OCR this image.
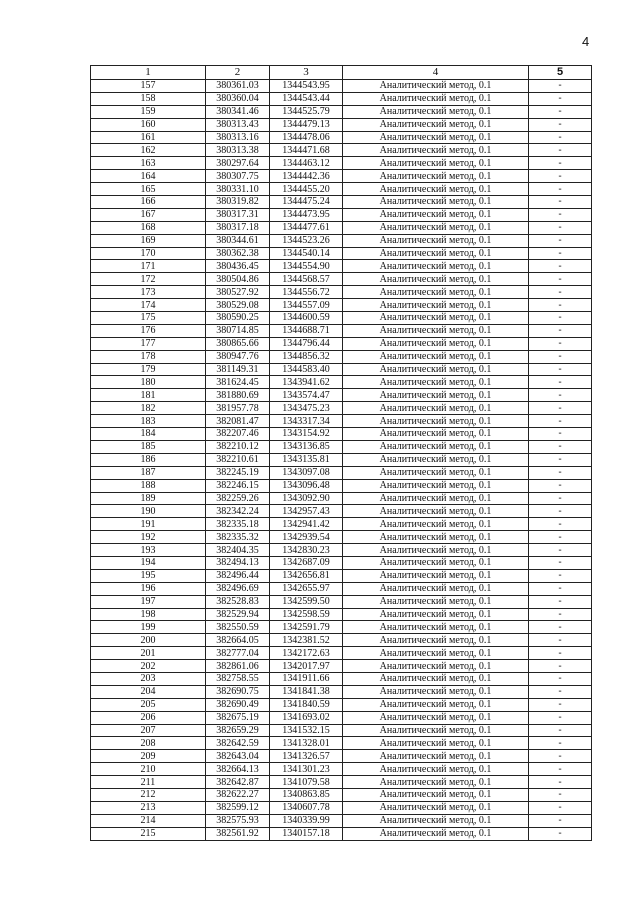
4
1	2	3	4	5
157	380361.03	1344543.95	Аналитический метод, 0.1	-
158	380360.04	1344543.44	Аналитический метод, 0.1	-
159	380341.46	1344525.79	Аналитический метод, 0.1	-
160	380313.43	1344479.13	Аналитический метод, 0.1	-
161	380313.16	1344478.06	Аналитический метод, 0.1	-
162	380313.38	1344471.68	Аналитический метод, 0.1	-
163	380297.64	1344463.12	Аналитический метод, 0.1	-
164	380307.75	1344442.36	Аналитический метод, 0.1	-
165	380331.10	1344455.20	Аналитический метод, 0.1	-
166	380319.82	1344475.24	Аналитический метод, 0.1	-
167	380317.31	1344473.95	Аналитический метод, 0.1	-
168	380317.18	1344477.61	Аналитический метод, 0.1	-
169	380344.61	1344523.26	Аналитический метод, 0.1	-
170	380362.38	1344540.14	Аналитический метод, 0.1	-
171	380436.45	1344554.90	Аналитический метод, 0.1	-
172	380504.86	1344568.57	Аналитический метод, 0.1	-
173	380527.92	1344556.72	Аналитический метод, 0.1	-
174	380529.08	1344557.09	Аналитический метод, 0.1	-
175	380590.25	1344600.59	Аналитический метод, 0.1	-
176	380714.85	1344688.71	Аналитический метод, 0.1	-
177	380865.66	1344796.44	Аналитический метод, 0.1	-
178	380947.76	1344856.32	Аналитический метод, 0.1	-
179	381149.31	1344583.40	Аналитический метод, 0.1	-
180	381624.45	1343941.62	Аналитический метод, 0.1	-
181	381880.69	1343574.47	Аналитический метод, 0.1	-
182	381957.78	1343475.23	Аналитический метод, 0.1	-
183	382081.47	1343317.34	Аналитический метод, 0.1	-
184	382207.46	1343154.92	Аналитический метод, 0.1	-
185	382210.12	1343136.85	Аналитический метод, 0.1	-
186	382210.61	1343135.81	Аналитический метод, 0.1	-
187	382245.19	1343097.08	Аналитический метод, 0.1	-
188	382246.15	1343096.48	Аналитический метод, 0.1	-
189	382259.26	1343092.90	Аналитический метод, 0.1	-
190	382342.24	1342957.43	Аналитический метод, 0.1	-
191	382335.18	1342941.42	Аналитический метод, 0.1	-
192	382335.32	1342939.54	Аналитический метод, 0.1	-
193	382404.35	1342830.23	Аналитический метод, 0.1	-
194	382494.13	1342687.09	Аналитический метод, 0.1	-
195	382496.44	1342656.81	Аналитический метод, 0.1	-
196	382496.69	1342655.97	Аналитический метод, 0.1	-
197	382528.83	1342599.50	Аналитический метод, 0.1	-
198	382529.94	1342598.59	Аналитический метод, 0.1	-
199	382550.59	1342591.79	Аналитический метод, 0.1	-
200	382664.05	1342381.52	Аналитический метод, 0.1	-
201	382777.04	1342172.63	Аналитический метод, 0.1	-
202	382861.06	1342017.97	Аналитический метод, 0.1	-
203	382758.55	1341911.66	Аналитический метод, 0.1	-
204	382690.75	1341841.38	Аналитический метод, 0.1	-
205	382690.49	1341840.59	Аналитический метод, 0.1	-
206	382675.19	1341693.02	Аналитический метод, 0.1	-
207	382659.29	1341532.15	Аналитический метод, 0.1	-
208	382642.59	1341328.01	Аналитический метод, 0.1	-
209	382643.04	1341326.57	Аналитический метод, 0.1	-
210	382664.13	1341301.23	Аналитический метод, 0.1	-
211	382642.87	1341079.58	Аналитический метод, 0.1	-
212	382622.27	1340863.85	Аналитический метод, 0.1	-
213	382599.12	1340607.78	Аналитический метод, 0.1	-
214	382575.93	1340339.99	Аналитический метод, 0.1	-
215	382561.92	1340157.18	Аналитический метод, 0.1	-
